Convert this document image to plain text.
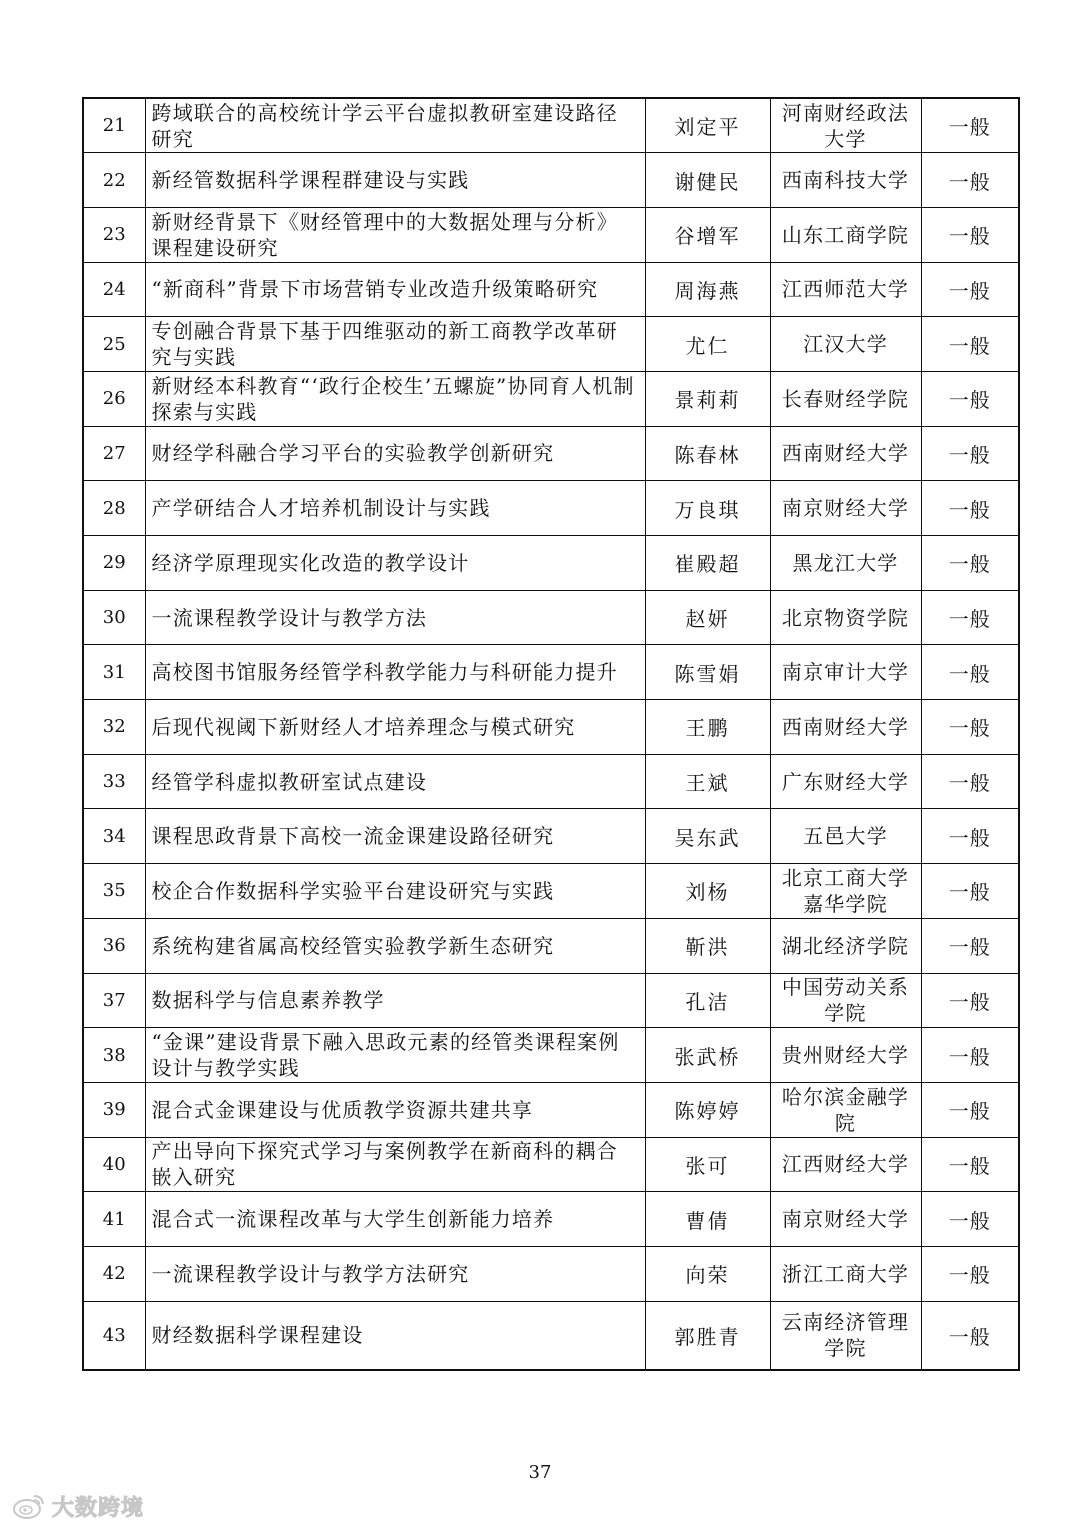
21	跨域联合的高校统计学云平台虚拟教研室建设路径研究	刘定平	河南财经政法大学	一般
22	新经管数据科学课程群建设与实践	谢健民	西南科技大学	一般
23	新财经背景下《财经管理中的大数据处理与分析》课程建设研究	谷增军	山东工商学院	一般
24	“新商科”背景下市场营销专业改造升级策略研究	周海燕	江西师范大学	一般
25	专创融合背景下基于四维驱动的新工商教学改革研究与实践	尤仁	江汉大学	一般
26	新财经本科教育“‘政行企校生’五螺旋”协同育人机制探索与实践	景莉莉	长春财经学院	一般
27	财经学科融合学习平台的实验教学创新研究	陈春林	西南财经大学	一般
28	产学研结合人才培养机制设计与实践	万良琪	南京财经大学	一般
29	经济学原理现实化改造的教学设计	崔殿超	黑龙江大学	一般
30	一流课程教学设计与教学方法	赵妍	北京物资学院	一般
31	高校图书馆服务经管学科教学能力与科研能力提升	陈雪娟	南京审计大学	一般
32	后现代视阈下新财经人才培养理念与模式研究	王鹏	西南财经大学	一般
33	经管学科虚拟教研室试点建设	王斌	广东财经大学	一般
34	课程思政背景下高校一流金课建设路径研究	吴东武	五邑大学	一般
35	校企合作数据科学实验平台建设研究与实践	刘杨	北京工商大学嘉华学院	一般
36	系统构建省属高校经管实验教学新生态研究	靳洪	湖北经济学院	一般
37	数据科学与信息素养教学	孔洁	中国劳动关系学院	一般
38	“金课”建设背景下融入思政元素的经管类课程案例设计与教学实践	张武桥	贵州财经大学	一般
39	混合式金课建设与优质教学资源共建共享	陈婷婷	哈尔滨金融学院	一般
40	产出导向下探究式学习与案例教学在新商科的耦合嵌入研究	张可	江西财经大学	一般
41	混合式一流课程改革与大学生创新能力培养	曹倩	南京财经大学	一般
42	一流课程教学设计与教学方法研究	向荣	浙江工商大学	一般
43	财经数据科学课程建设	郭胜青	云南经济管理学院	一般
37
大数跨境
